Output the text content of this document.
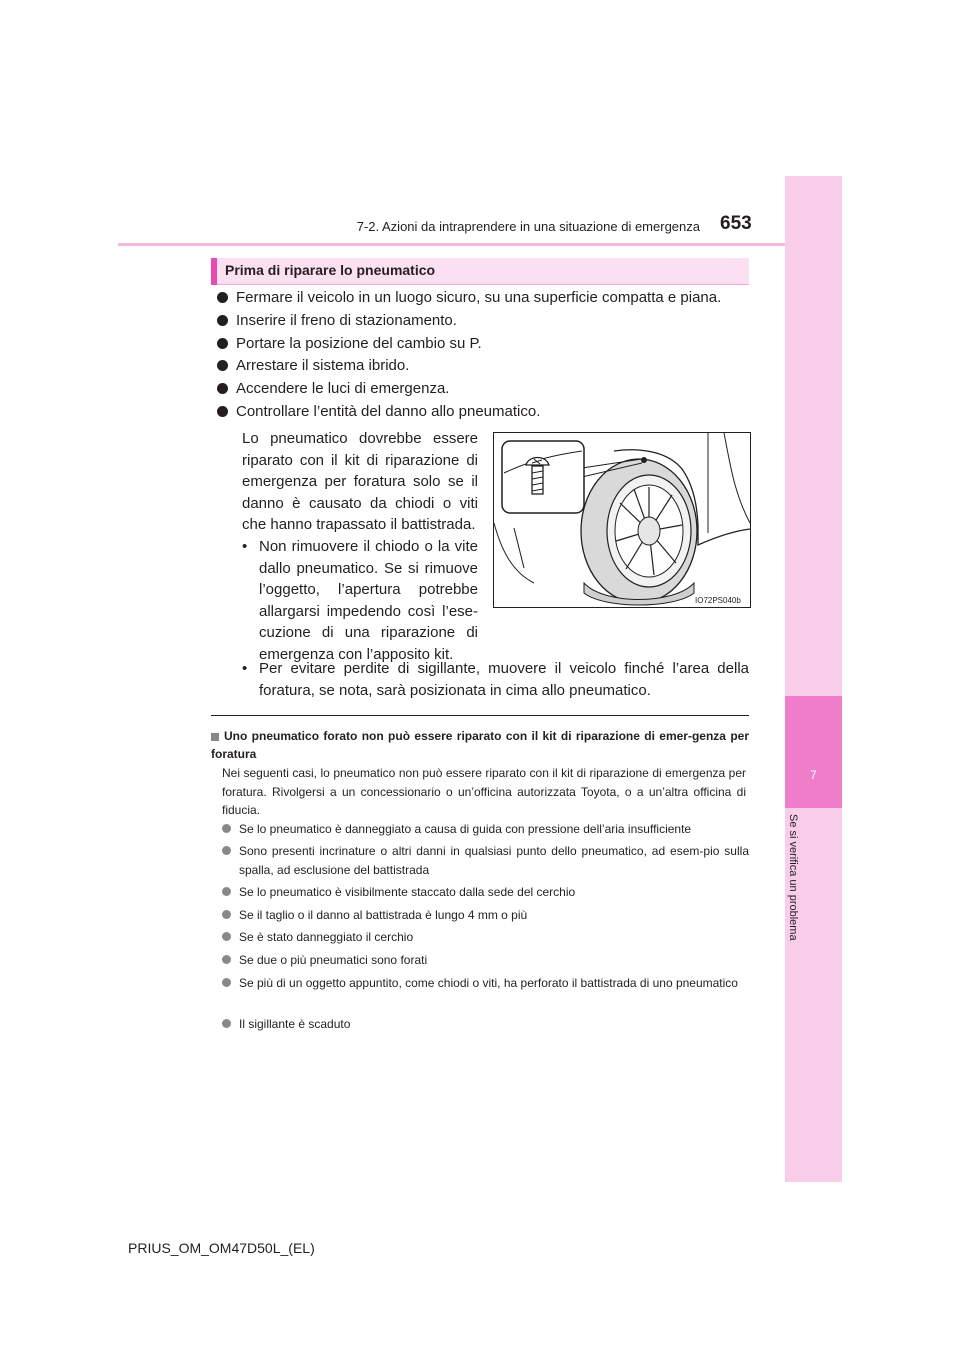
7-2. Azioni da intraprendere in una situazione di emergenza 653
7
Se si verifica un problema
Prima di riparare lo pneumatico
Fermare il veicolo in un luogo sicuro, su una superficie compatta e piana.
Inserire il freno di stazionamento.
Portare la posizione del cambio su P.
Arrestare il sistema ibrido.
Accendere le luci di emergenza.
Controllare l’entità del danno allo pneumatico.
Lo pneumatico dovrebbe essere riparato con il kit di riparazione di emergenza per foratura solo se il danno è causato da chiodi o viti che hanno trapassato il battistrada.
• Non rimuovere il chiodo o la vite dallo pneumatico. Se si rimuove l’oggetto, l’apertura potrebbe allargarsi impedendo così l’ese-cuzione di una riparazione di emergenza con l’apposito kit.
• Per evitare perdite di sigillante, muovere il veicolo finché l’area della foratura, se nota, sarà posizionata in cima allo pneumatico.
IO72PS040b
Uno pneumatico forato non può essere riparato con il kit di riparazione di emer-genza per foratura
Nei seguenti casi, lo pneumatico non può essere riparato con il kit di riparazione di emergenza per foratura. Rivolgersi a un concessionario o un’officina autorizzata Toyota, o a un’altra officina di fiducia.
Se lo pneumatico è danneggiato a causa di guida con pressione dell’aria insufficiente
Sono presenti incrinature o altri danni in qualsiasi punto dello pneumatico, ad esem-pio sulla spalla, ad esclusione del battistrada
Se lo pneumatico è visibilmente staccato dalla sede del cerchio
Se il taglio o il danno al battistrada è lungo 4 mm o più
Se è stato danneggiato il cerchio
Se due o più pneumatici sono forati
Se più di un oggetto appuntito, come chiodi o viti, ha perforato il battistrada di uno pneumatico
Il sigillante è scaduto
PRIUS_OM_OM47D50L_(EL)
